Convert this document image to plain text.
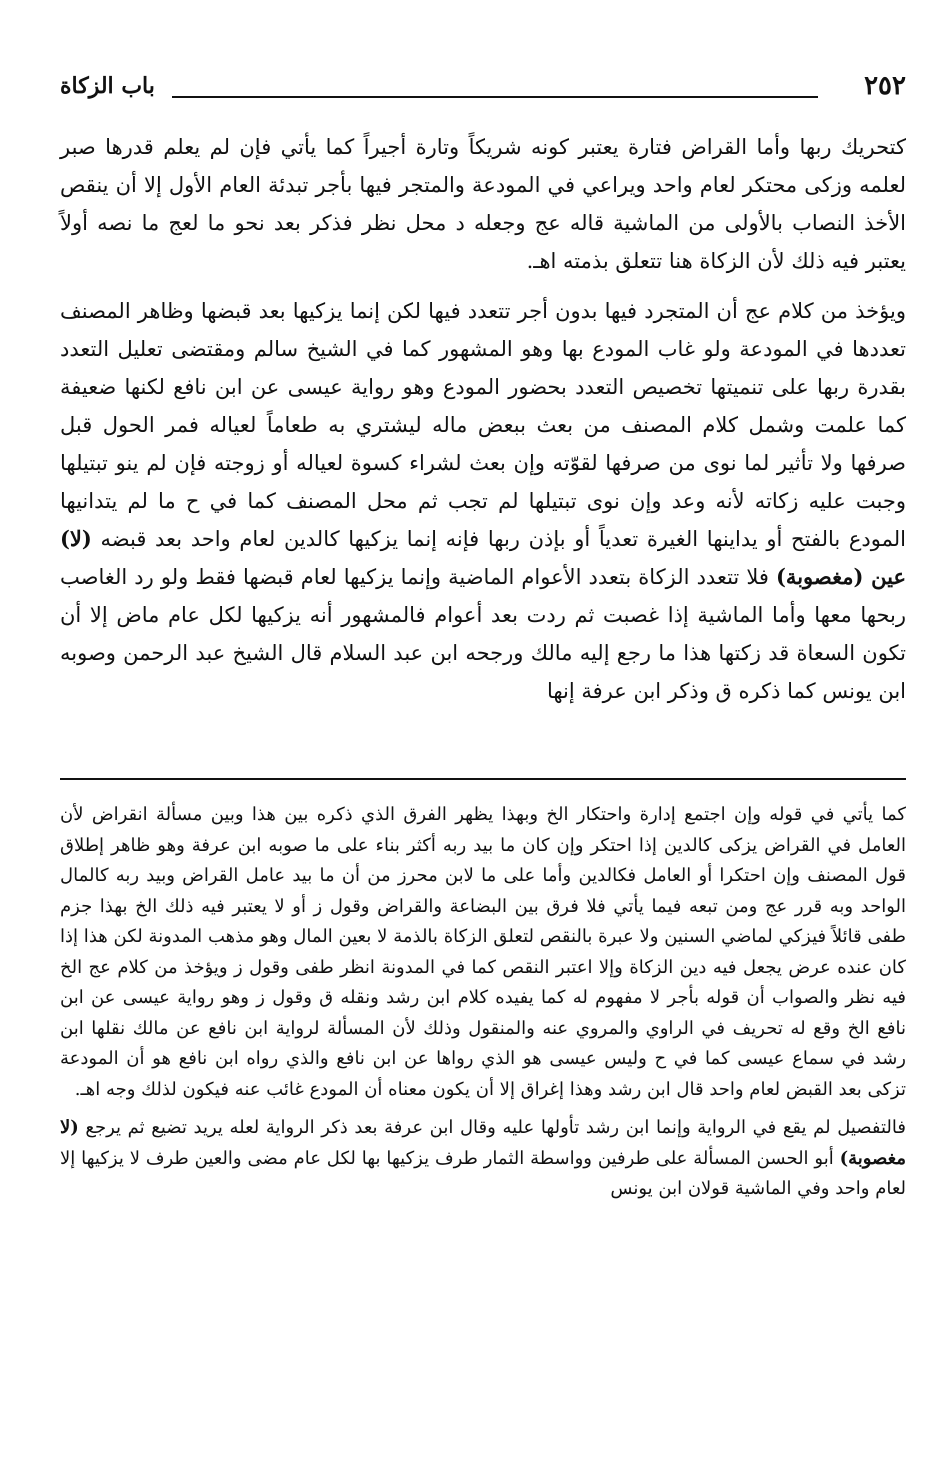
٢٥٢
باب الزكاة

كتحريك ربها وأما القراض فتارة يعتبر كونه شريكاً وتارة أجيراً كما يأتي فإن لم يعلم قدرها صبر لعلمه وزكى محتكر لعام واحد ويراعي في المودعة والمتجر فيها بأجر تبدئة العام الأول إلا أن ينقص الأخذ النصاب بالأولى من الماشية قاله عج وجعله د محل نظر فذكر بعد نحو ما لعج ما نصه أولاً يعتبر فيه ذلك لأن الزكاة هنا تتعلق بذمته اهـ.

ويؤخذ من كلام عج أن المتجرد فيها بدون أجر تتعدد فيها لكن إنما يزكيها بعد قبضها وظاهر المصنف تعددها في المودعة ولو غاب المودع بها وهو المشهور كما في الشيخ سالم ومقتضى تعليل التعدد بقدرة ربها على تنميتها تخصيص التعدد بحضور المودع وهو رواية عيسى عن ابن نافع لكنها ضعيفة كما علمت وشمل كلام المصنف من بعث ببعض ماله ليشتري به طعاماً لعياله فمر الحول قبل صرفها ولا تأثير لما نوى من صرفها لقوّته وإن بعث لشراء كسوة لعياله أو زوجته فإن لم ينو تبتيلها وجبت عليه زكاته لأنه وعد وإن نوى تبتيلها لم تجب ثم محل المصنف كما في ح ما لم يتدانيها المودع بالفتح أو يداينها الغيرة تعدياً أو بإذن ربها فإنه إنما يزكيها كالدين لعام واحد بعد قبضه (لا) عين (مغصوبة) فلا تتعدد الزكاة بتعدد الأعوام الماضية وإنما يزكيها لعام قبضها فقط ولو رد الغاصب ربحها معها وأما الماشية إذا غصبت ثم ردت بعد أعوام فالمشهور أنه يزكيها لكل عام ماض إلا أن تكون السعاة قد زكتها هذا ما رجع إليه مالك ورجحه ابن عبد السلام قال الشيخ عبد الرحمن وصوبه ابن يونس كما ذكره ق وذكر ابن عرفة إنها

كما يأتي في قوله وإن اجتمع إدارة واحتكار الخ وبهذا يظهر الفرق الذي ذكره بين هذا وبين مسألة انقراض لأن العامل في القراض يزكى كالدين إذا احتكر وإن كان ما بيد ربه أكثر بناء على ما صوبه ابن عرفة وهو ظاهر إطلاق قول المصنف وإن احتكرا أو العامل فكالدين وأما على ما لابن محرز من أن ما بيد عامل القراض وبيد ربه كالمال الواحد وبه قرر عج ومن تبعه فيما يأتي فلا فرق بين البضاعة والقراض وقول ز أو لا يعتبر فيه ذلك الخ بهذا جزم طفى قائلاً فيزكي لماضي السنين ولا عبرة بالنقص لتعلق الزكاة بالذمة لا بعين المال وهو مذهب المدونة لكن هذا إذا كان عنده عرض يجعل فيه دين الزكاة وإلا اعتبر النقص كما في المدونة انظر طفى وقول ز ويؤخذ من كلام عج الخ فيه نظر والصواب أن قوله بأجر لا مفهوم له كما يفيده كلام ابن رشد ونقله ق وقول ز وهو رواية عيسى عن ابن نافع الخ وقع له تحريف في الراوي والمروي عنه والمنقول وذلك لأن المسألة لرواية ابن نافع عن مالك نقلها ابن رشد في سماع عيسى كما في ح وليس عيسى هو الذي رواها عن ابن نافع والذي رواه ابن نافع هو أن المودعة تزكى بعد القبض لعام واحد قال ابن رشد وهذا إغراق إلا أن يكون معناه أن المودع غائب عنه فيكون لذلك وجه اهـ.

فالتفصيل لم يقع في الرواية وإنما ابن رشد تأولها عليه وقال ابن عرفة بعد ذكر الرواية لعله يريد تضيع ثم يرجع (لا مغصوبة) أبو الحسن المسألة على طرفين وواسطة الثمار طرف يزكيها بها لكل عام مضى والعين طرف لا يزكيها إلا لعام واحد وفي الماشية قولان ابن يونس
